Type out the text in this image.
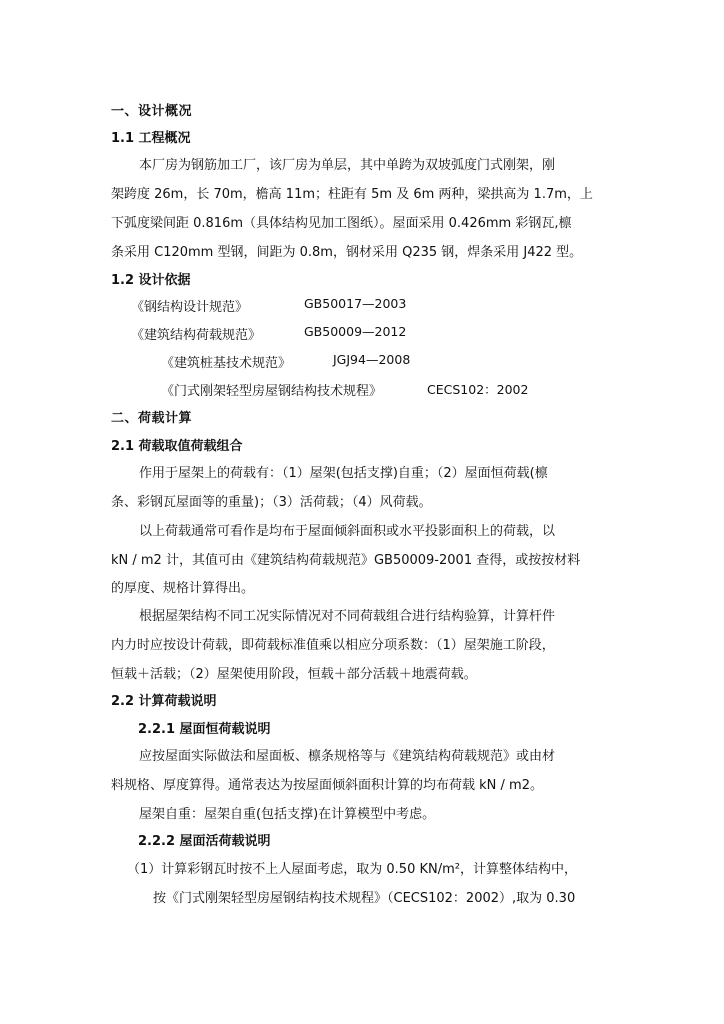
一、设计概况
1.1 工程概况
本厂房为钢筋加工厂，该厂房为单层，其中单跨为双坡弧度门式刚架，刚
架跨度 26m，长 70m，檐高 11m；柱距有 5m 及 6m 两种，梁拱高为 1.7m，上
下弧度梁间距 0.816m（具体结构见加工图纸）。屋面采用 0.426mm 彩钢瓦,檩
条采用 C120mm 型钢，间距为 0.8m，钢材采用 Q235 钢，焊条采用 J422 型。
1.2 设计依据
《钢结构设计规范》	GB50017—2003
《建筑结构荷载规范》	GB50009—2012
《建筑桩基技术规范》	JGJ94—2008
《门式刚架轻型房屋钢结构技术规程》	CECS102：2002
二、荷载计算
2.1 荷载取值荷载组合
作用于屋架上的荷载有：（1）屋架(包括支撑)自重；（2）屋面恒荷载(檩
条、彩钢瓦屋面等的重量)；（3）活荷载；（4）风荷载。
以上荷载通常可看作是均布于屋面倾斜面积或水平投影面积上的荷载，以
kN / m2 计，其值可由《建筑结构荷载规范》GB50009-2001 查得，或按按材料
的厚度、规格计算得出。
根据屋架结构不同工况实际情况对不同荷载组合进行结构验算，计算杆件
内力时应按设计荷载，即荷载标准值乘以相应分项系数：（1）屋架施工阶段，
恒载＋活载；（2）屋架使用阶段，恒载＋部分活载＋地震荷载。
2.2 计算荷载说明
2.2.1 屋面恒荷载说明
应按屋面实际做法和屋面板、檩条规格等与《建筑结构荷载规范》或由材
料规格、厚度算得。通常表达为按屋面倾斜面积计算的均布荷载 kN / m2。
屋架自重：屋架自重(包括支撑)在计算模型中考虑。
2.2.2 屋面活荷载说明
（1）计算彩钢瓦时按不上人屋面考虑，取为 0.50 KN/m²，计算整体结构中，
按《门式刚架轻型房屋钢结构技术规程》（CECS102：2002）,取为 0.30
